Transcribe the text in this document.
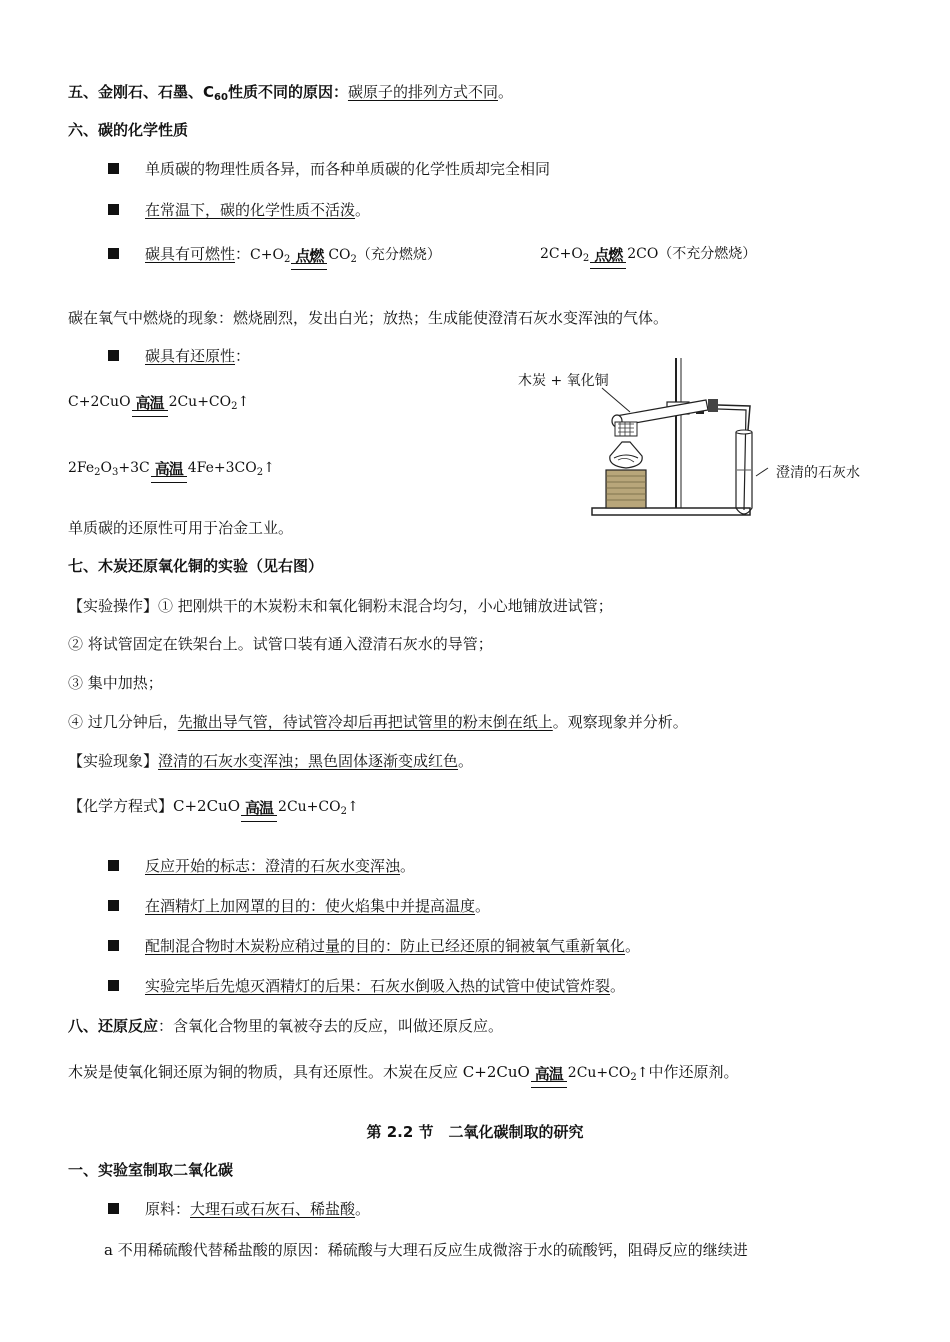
五、金刚石、石墨、$C_{60}$性质不同的原因：碳原子的排列方式不同。
六、碳的化学性质
单质碳的物理性质各异，而各种单质碳的化学性质却完全相同
在常温下，碳的化学性质不活泼。
碳具有可燃性：$C+O_2$ 点燃 $CO_2$（充分燃烧）	$2C+O_2$ 点燃 2CO（不充分燃烧）
碳在氧气中燃烧的现象：燃烧剧烈，发出白光；放热；生成能使澄清石灰水变浑浊的气体。
碳具有还原性：
C+2CuO 高温 $2Cu+CO_2↑$
$2Fe_2O_3+3C$ 高温 $4Fe+3CO_2↑$
单质碳的还原性可用于冶金工业。
木炭 + 氧化铜
澄清的石灰水
七、木炭还原氧化铜的实验（见右图）
【实验操作】① 把刚烘干的木炭粉末和氧化铜粉末混合均匀，小心地铺放进试管；
② 将试管固定在铁架台上。试管口装有通入澄清石灰水的导管；
③ 集中加热；
④ 过几分钟后，先撤出导气管，待试管冷却后再把试管里的粉末倒在纸上。观察现象并分析。
【实验现象】澄清的石灰水变浑浊；黑色固体逐渐变成红色。
【化学方程式】C+2CuO 高温 $2Cu+CO_2↑$
反应开始的标志：澄清的石灰水变浑浊。
在酒精灯上加网罩的目的：使火焰集中并提高温度。
配制混合物时木炭粉应稍过量的目的：防止已经还原的铜被氧气重新氧化。
实验完毕后先熄灭酒精灯的后果：石灰水倒吸入热的试管中使试管炸裂。
八、还原反应：含氧化合物里的氧被夺去的反应，叫做还原反应。
木炭是使氧化铜还原为铜的物质，具有还原性。木炭在反应 C+2CuO 高温 $2Cu+CO_2↑$中作还原剂。
第 2.2 节　二氧化碳制取的研究
一、实验室制取二氧化碳
原料：大理石或石灰石、稀盐酸。
a 不用稀硫酸代替稀盐酸的原因：稀硫酸与大理石反应生成微溶于水的硫酸钙，阻碍反应的继续进
